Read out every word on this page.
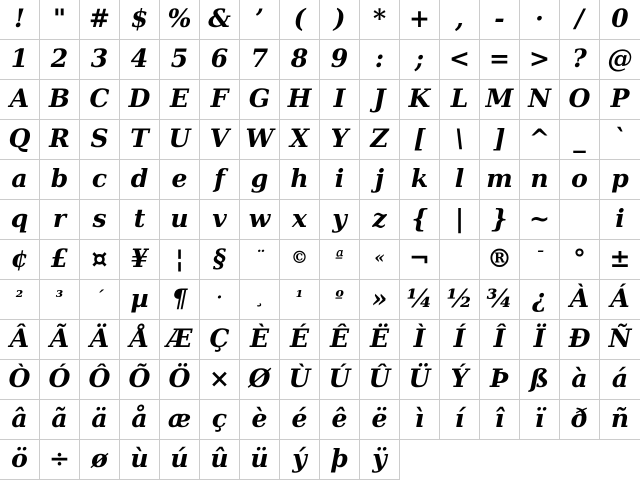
! " # $ % & ’ ( ) * + , - · / 0
1 2 3 4 5 6 7 8 9 : ; < = > ? @
A B C D E F G H I J K L M N O P
Q R S T U V W X Y Z [ \ ] ^ _ `
a b c d e f g h i j k l m n o p
q r s t u v w x y z { | } ~	i
¢ £ ¤ ¥ ¦ § ¨ © ª « ¬ ® ¯ ° ±
² ³ ´ µ ¶ · ¸ ¹ º » ¼ ½ ¾ ¿ À Á
Â Ã Ä Å Æ Ç È É Ê Ë Ì Í Î Ï Ð Ñ
Ò Ó Ô Õ Ö × Ø Ù Ú Û Ü Ý Þ ß à á
â ã ä å æ ç è é ê ë ì í î ï ð ñ
ö ÷ ø ù ú û ü ý þ ÿ
